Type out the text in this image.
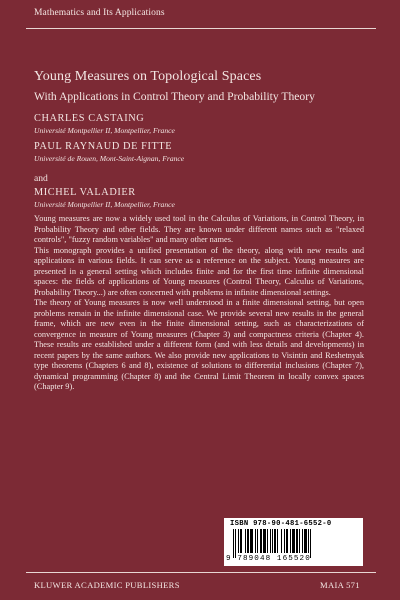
Mathematics and Its Applications
Young Measures on Topological Spaces
With Applications in Control Theory and Probability Theory
CHARLES CASTAING
Université Montpellier II, Montpellier, France
PAUL RAYNAUD DE FITTE
Université de Rouen, Mont-Saint-Aignan, France
and
MICHEL VALADIER
Université Montpellier II, Montpellier, France

Young measures are now a widely used tool in the Calculus of Variations, in Control Theory, in Probability Theory and other fields. They are known under different names such as "relaxed controls", "fuzzy random variables" and many other names.

This monograph provides a unified presentation of the theory, along with new results and applications in various fields. It can serve as a reference on the subject. Young measures are presented in a general setting which includes finite and for the first time infinite dimensional spaces: the fields of applications of Young measures (Control Theory, Calculus of Variations, Probability Theory...) are often concerned with problems in infinite dimensional settings.

The theory of Young measures is now well understood in a finite dimensional setting, but open problems remain in the infinite dimensional case. We provide several new results in the general frame, which are new even in the finite dimensional setting, such as characterizations of convergence in measure of Young measures (Chapter 3) and compactness criteria (Chapter 4). These results are established under a different form (and with less details and developments) in recent papers by the same authors. We also provide new applications to Visintin and Reshetnyak type theorems (Chapters 6 and 8), existence of solutions to differential inclusions (Chapter 7), dynamical programming (Chapter 8) and the Central Limit Theorem in locally convex spaces (Chapter 9).

ISBN 978-90-481-6552-0
9 789048 165520
KLUWER ACADEMIC PUBLISHERS	MAIA 571
